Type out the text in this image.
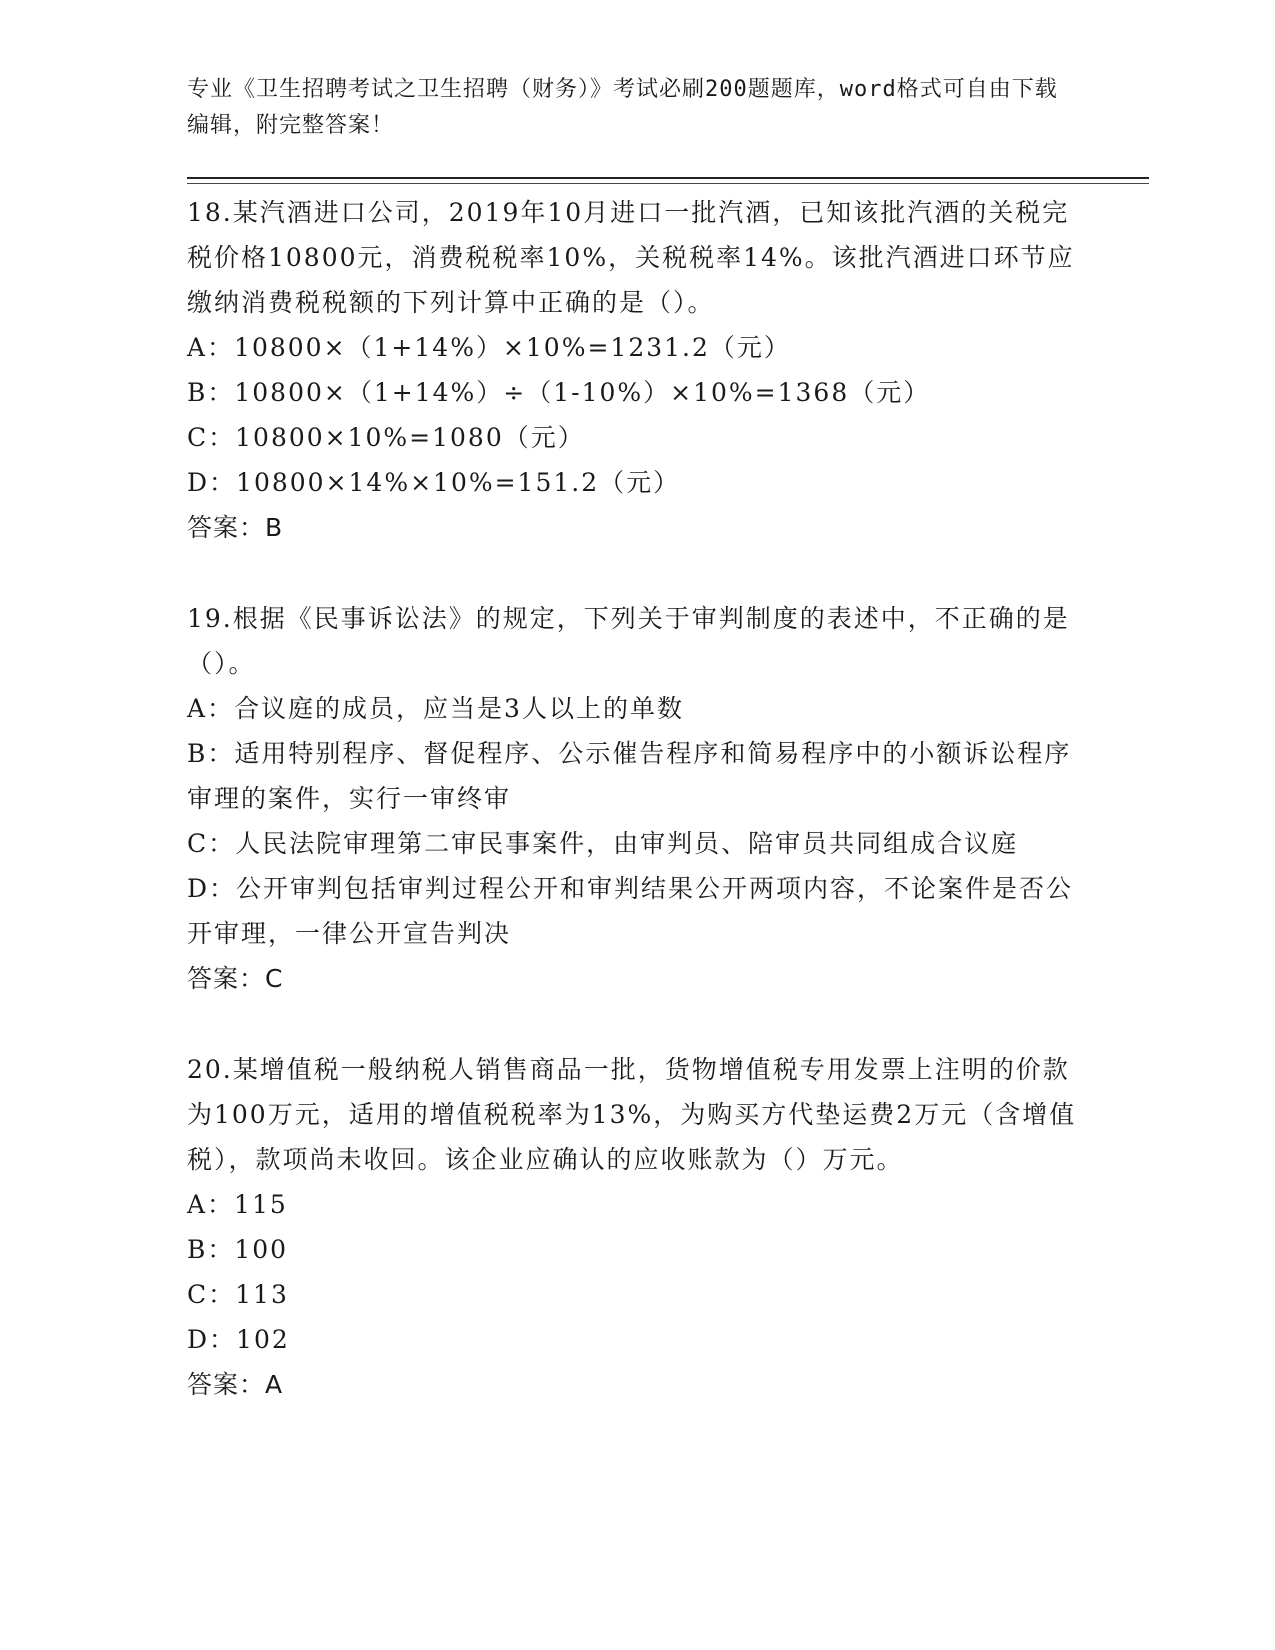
专业《卫生招聘考试之卫生招聘（财务）》考试必刷200题题库，word格式可自由下载编辑，附完整答案！

18.某汽酒进口公司，2019年10月进口一批汽酒，已知该批汽酒的关税完税价格10800元，消费税税率10%，关税税率14%。该批汽酒进口环节应缴纳消费税税额的下列计算中正确的是（）。

A：10800×（1+14%）×10%=1231.2（元）

B：10800×（1+14%）÷（1-10%）×10%=1368（元）

C：10800×10%=1080（元）

D：10800×14%×10%=151.2（元）

答案：B

19.根据《民事诉讼法》的规定，下列关于审判制度的表述中，不正确的是（）。

A：合议庭的成员，应当是3人以上的单数

B：适用特别程序、督促程序、公示催告程序和简易程序中的小额诉讼程序审理的案件，实行一审终审

C：人民法院审理第二审民事案件，由审判员、陪审员共同组成合议庭

D：公开审判包括审判过程公开和审判结果公开两项内容，不论案件是否公开审理，一律公开宣告判决

答案：C

20.某增值税一般纳税人销售商品一批，货物增值税专用发票上注明的价款为100万元，适用的增值税税率为13%，为购买方代垫运费2万元（含增值税），款项尚未收回。该企业应确认的应收账款为（）万元。

A：115

B：100

C：113

D：102

答案：A
